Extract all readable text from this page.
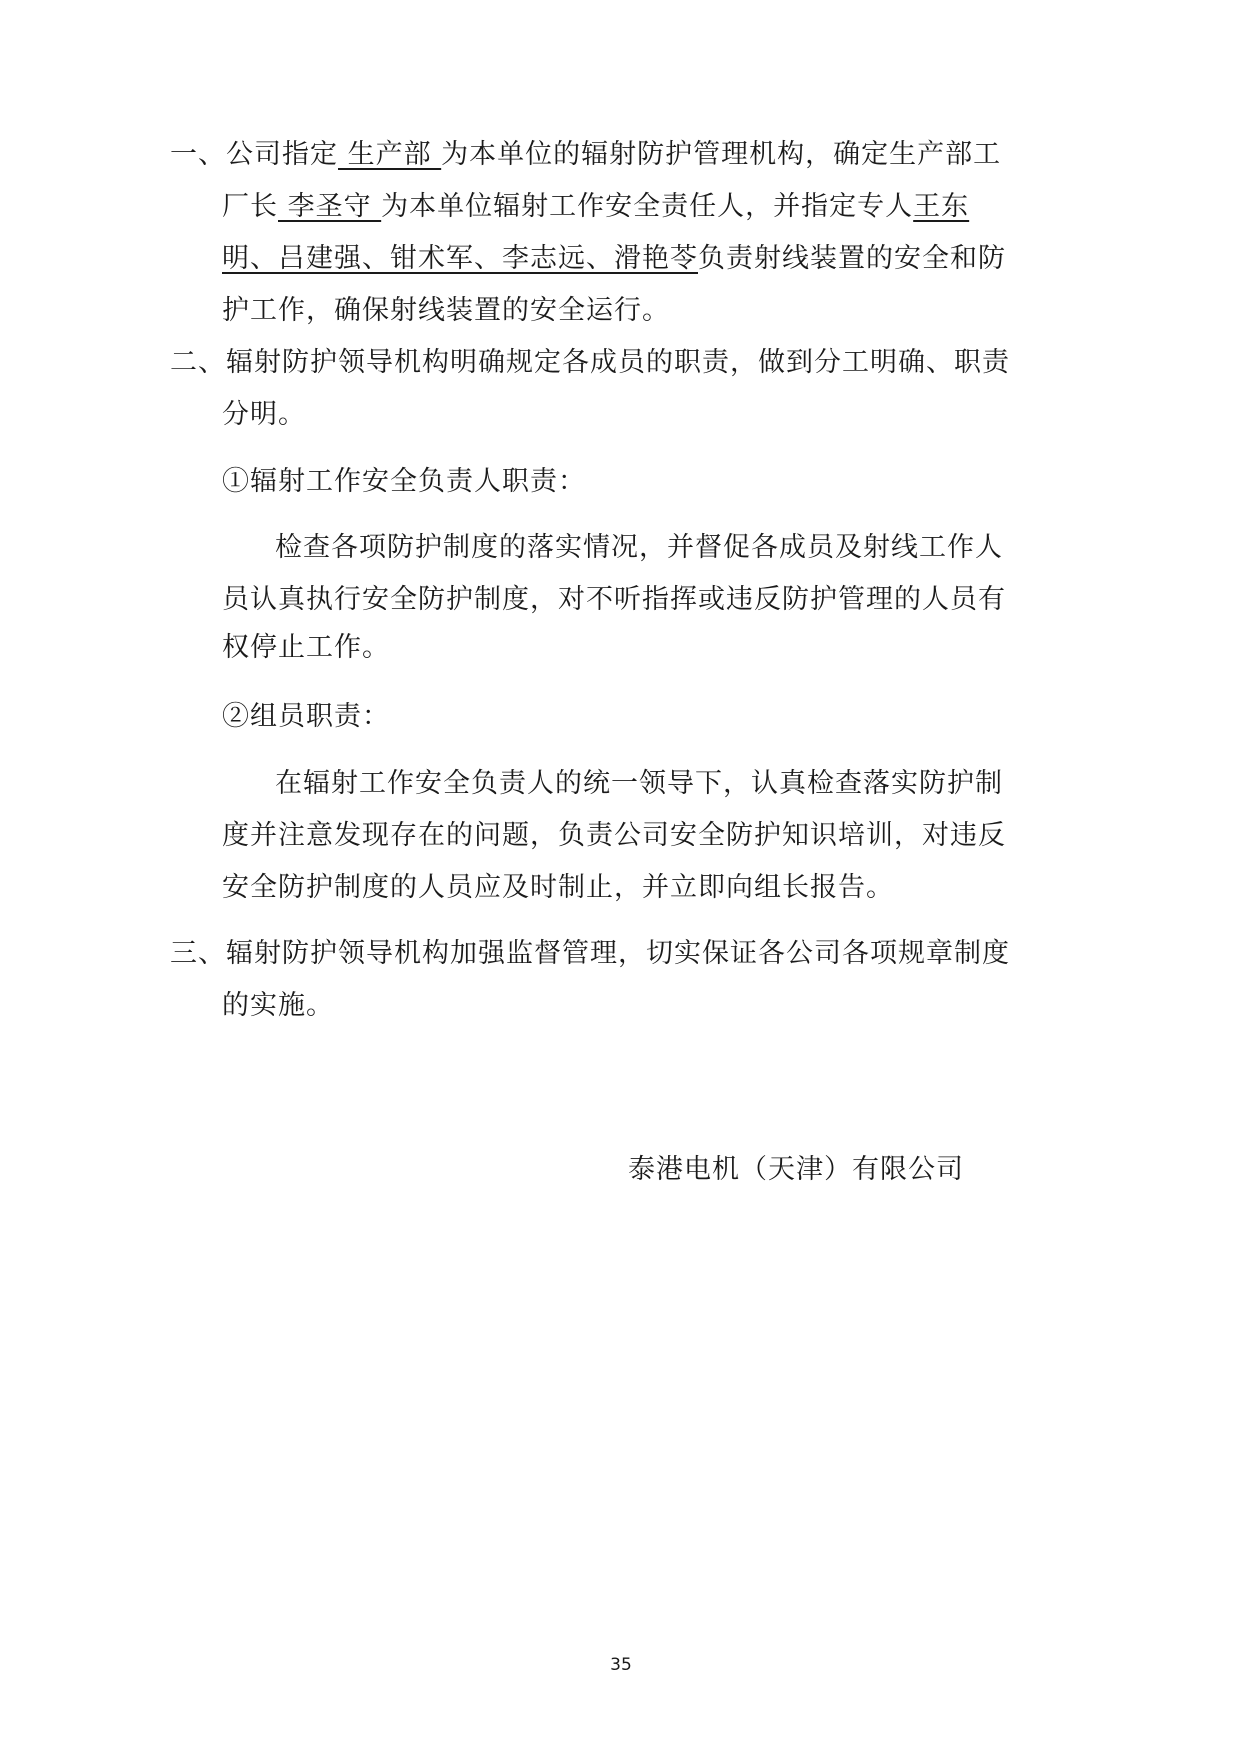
一、公司指定 生产部 为本单位的辐射防护管理机构，确定生产部工
厂长 李圣守 为本单位辐射工作安全责任人，并指定专人王东
明、吕建强、钳术军、李志远、滑艳苓负责射线装置的安全和防
护工作，确保射线装置的安全运行。
二、辐射防护领导机构明确规定各成员的职责，做到分工明确、职责
分明。
①辐射工作安全负责人职责：
检查各项防护制度的落实情况，并督促各成员及射线工作人
员认真执行安全防护制度，对不听指挥或违反防护管理的人员有
权停止工作。
②组员职责：
在辐射工作安全负责人的统一领导下，认真检查落实防护制
度并注意发现存在的问题，负责公司安全防护知识培训，对违反
安全防护制度的人员应及时制止，并立即向组长报告。
三、辐射防护领导机构加强监督管理，切实保证各公司各项规章制度
的实施。
泰港电机（天津）有限公司
35
